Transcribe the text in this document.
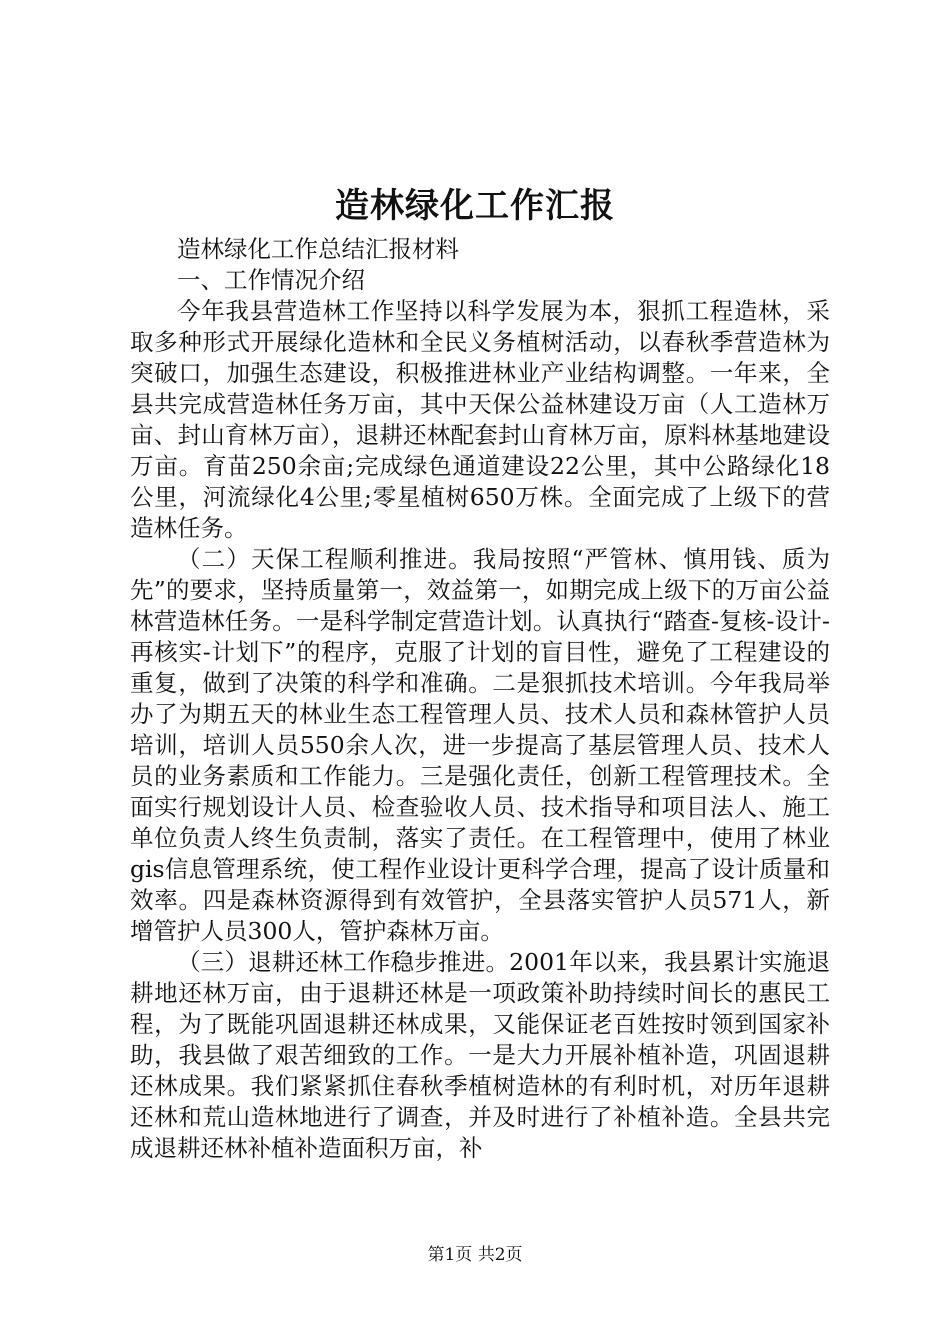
造林绿化工作汇报

造林绿化工作总结汇报材料

一、工作情况介绍

今年我县营造林工作坚持以科学发展为本，狠抓工程造林，采取多种形式开展绿化造林和全民义务植树活动，以春秋季营造林为突破口，加强生态建设，积极推进林业产业结构调整。一年来，全县共完成营造林任务万亩，其中天保公益林建设万亩（人工造林万亩、封山育林万亩），退耕还林配套封山育林万亩，原料林基地建设万亩。育苗250余亩;完成绿色通道建设22公里，其中公路绿化18公里，河流绿化4公里;零星植树650万株。全面完成了上级下的营造林任务。

（二）天保工程顺利推进。我局按照“严管林、慎用钱、质为先”的要求，坚持质量第一，效益第一，如期完成上级下的万亩公益林营造林任务。一是科学制定营造计划。认真执行“踏查-复核-设计-再核实-计划下”的程序，克服了计划的盲目性，避免了工程建设的重复，做到了决策的科学和准确。二是狠抓技术培训。今年我局举办了为期五天的林业生态工程管理人员、技术人员和森林管护人员培训，培训人员550余人次，进一步提高了基层管理人员、技术人员的业务素质和工作能力。三是强化责任，创新工程管理技术。全面实行规划设计人员、检查验收人员、技术指导和项目法人、施工单位负责人终生负责制，落实了责任。在工程管理中，使用了林业gis信息管理系统，使工程作业设计更科学合理，提高了设计质量和效率。四是森林资源得到有效管护，全县落实管护人员571人，新增管护人员300人，管护森林万亩。

（三）退耕还林工作稳步推进。2001年以来，我县累计实施退耕地还林万亩，由于退耕还林是一项政策补助持续时间长的惠民工程，为了既能巩固退耕还林成果，又能保证老百姓按时领到国家补助，我县做了艰苦细致的工作。一是大力开展补植补造，巩固退耕还林成果。我们紧紧抓住春秋季植树造林的有利时机，对历年退耕还林和荒山造林地进行了调查，并及时进行了补植补造。全县共完成退耕还林补植补造面积万亩，补

第1页 共2页
